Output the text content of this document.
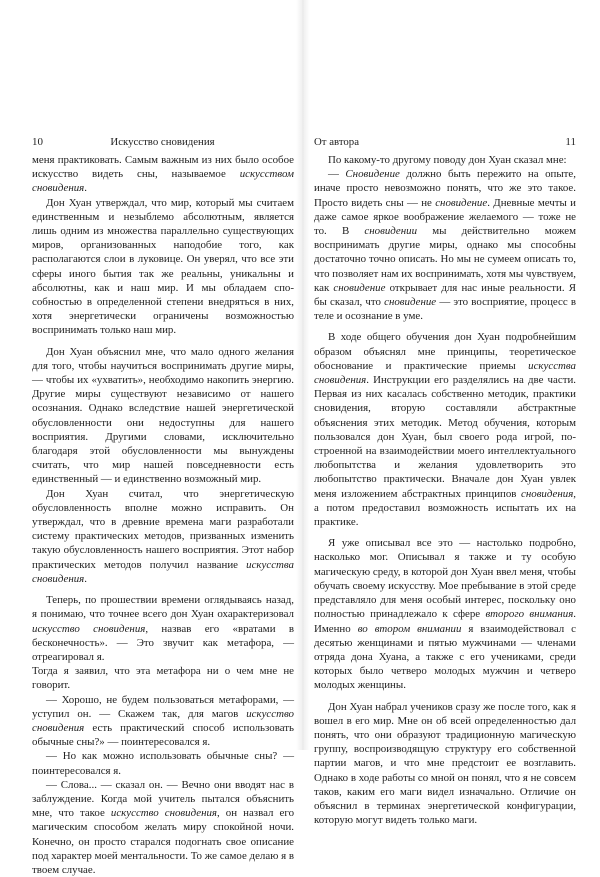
10	Искусство сновидения

меня практиковать. Самым важным из них было особое искусство видеть сны, называемое искусством сновидения.

Дон Хуан утверждал, что мир, который мы считаем единственным и незыблемо абсолютным, является лишь одним из множества параллельно существующих миров, организованных наподобие того, как располагаются слои в луковице. Он уверял, что все эти сферы иного бытия так же реальны, уникальны и абсолютны, как и наш мир. И мы обладаем способностью в определенной степени внедряться в них, хотя энергетически ограничены возможностью воспринимать только наш мир.

Дон Хуан объяснил мне, что мало одного желания для того, чтобы научиться воспринимать другие миры, — чтобы их «ухватить», необходимо накопить энергию. Другие миры существуют независимо от нашего осознания. Однако вследствие нашей энергетической обусловленности они недоступны для нашего восприятия. Другими словами, исключительно благодаря этой обусловленности мы вынуждены считать, что мир нашей повседневности есть единственный — и единственно возможный мир.

Дон Хуан считал, что энергетическую обусловленность вполне можно исправить. Он утверждал, что в древние времена маги разработали систему практических методов, призванных изменить такую обусловленность нашего восприятия. Этот набор практических методов получил название искусства сновидения.

Теперь, по прошествии времени оглядываясь назад, я понимаю, что точнее всего дон Хуан охарактеризовал искусство сновидения, назвав его «вратами в бесконечность». — Это звучит как метафора, — отреагировал я.

Тогда я заявил, что эта метафора ни о чем мне не говорит.

— Хорошо, не будем пользоваться метафорами, — уступил он. — Скажем так, для магов искусство сновидения есть практический способ использовать обычные сны?» — поинтересовался я.

— Но как можно использовать обычные сны? — поинтересовался я.

— Слова... — сказал он. — Вечно они вводят нас в заблуждение. Когда мой учитель пытался объяснить мне, что такое искусство сновидения, он назвал его магическим способом желать миру спокойной ночи. Конечно, он просто старался подогнать свое описание под характер моей ментальности. То же самое делаю я в твоем случае.

От автора	11

По какому-то другому поводу дон Хуан сказал мне:

— Сновидение должно быть пережито на опыте, иначе просто невозможно понять, что же это такое. Просто видеть сны — не сновидение. Дневные мечты и даже самое яркое воображение желаемого — тоже не то. В сновидении мы действительно можем воспринимать другие миры, однако мы способны достаточно точно описать. Но мы не сумеем описать то, что позволяет нам их воспринимать, хотя мы чувствуем, как сновидение открывает для нас иные реальности. Я бы сказал, что сновидение — это восприятие, процесс в теле и осознание в уме.

В ходе общего обучения дон Хуан подробнейшим образом объяснял мне принципы, теоретическое обоснование и практические приемы искусства сновидения. Инструкции его разделялись на две части. Первая из них касалась собственно методик, практики сновидения, вторую составляли абстрактные объяснения этих методик. Метод обучения, которым пользовался дон Хуан, был своего рода игрой, построенной на взаимодействии моего интеллектуального любопытства и желания удовлетворить это любопытство практически. Вначале дон Хуан увлек меня изложением абстрактных принципов сновидения, а потом предоставил возможность испытать их на практике.

Я уже описывал все это — настолько подробно, насколько мог. Описывал я также и ту особую магическую среду, в которой дон Хуан ввел меня, чтобы обучать своему искусству. Мое пребывание в этой среде представляло для меня особый интерес, поскольку оно полностью принадлежало к сфере второго внимания. Именно во втором внимании я взаимодействовал с десятью женщинами и пятью мужчинами — членами отряда дона Хуана, а также с его учениками, среди которых было четверо молодых мужчин и четверо молодых женщины.

Дон Хуан набрал учеников сразу же после того, как я вошел в его мир. Мне он об всей определенностью дал понять, что они образуют традиционную магическую группу, воспроизводящую структуру его собственной партии магов, и что мне предстоит ее возглавить. Однако в ходе работы со мной он понял, что я не совсем таков, каким его маги видел изначально. Отличие он объяснил в терминах энергетической конфигурации, которую могут видеть только маги.
